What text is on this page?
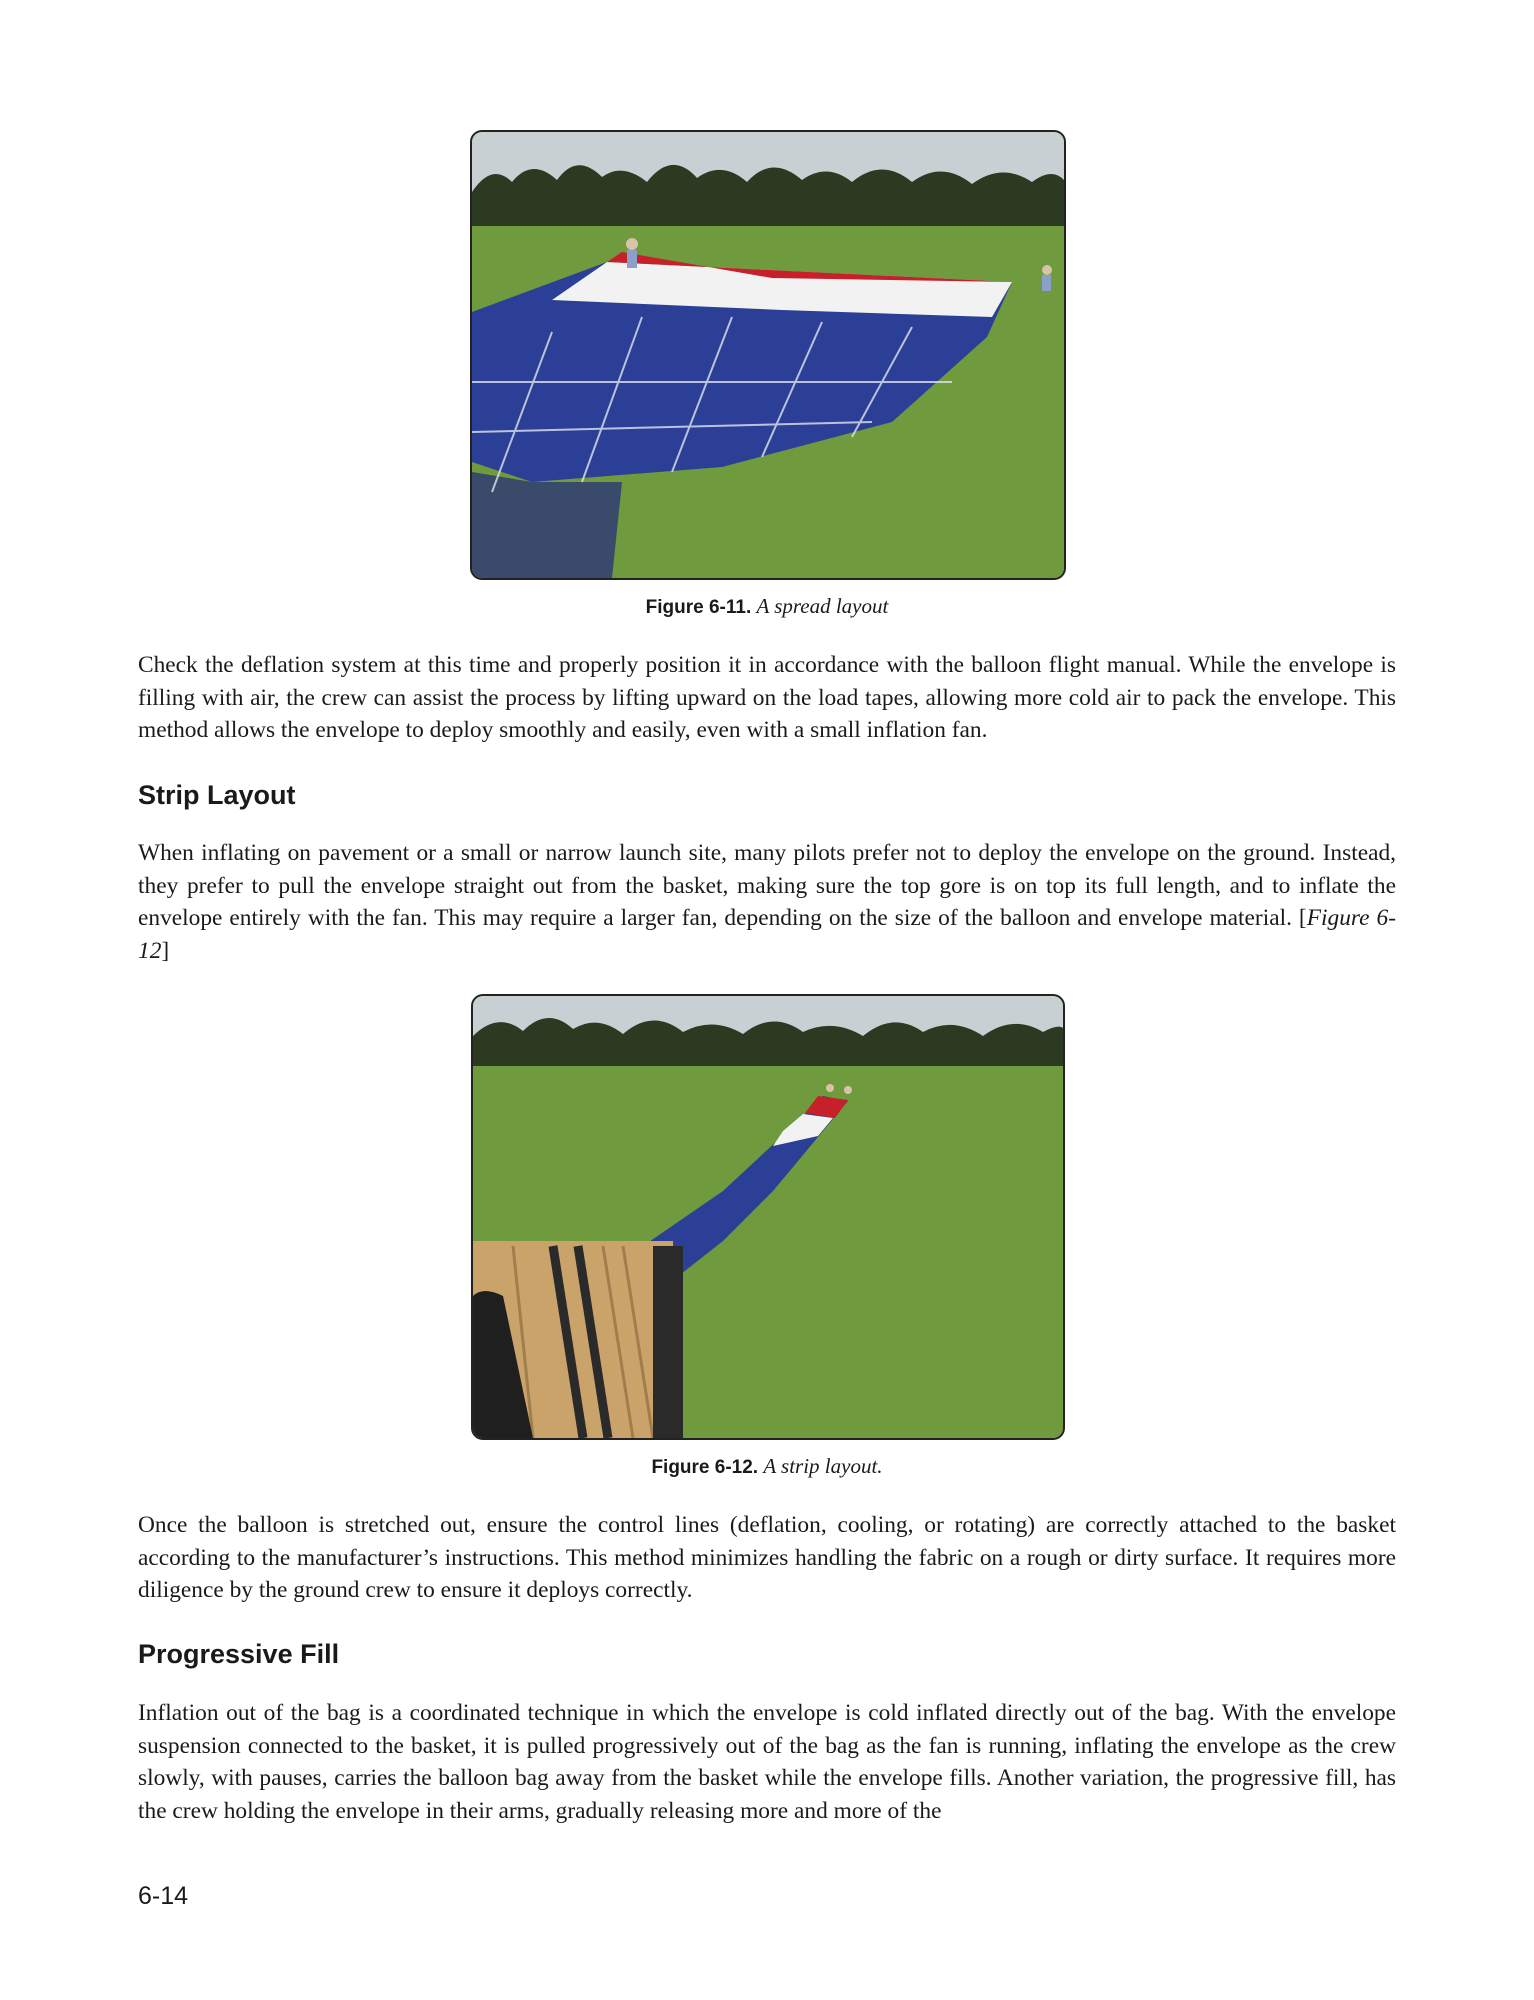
Figure 6-11. A spread layout

Check the deflation system at this time and properly position it in accordance with the balloon flight manual. While the envelope is filling with air, the crew can assist the process by lifting upward on the load tapes, allowing more cold air to pack the envelope. This method allows the envelope to deploy smoothly and easily, even with a small inflation fan.

Strip Layout

When inflating on pavement or a small or narrow launch site, many pilots prefer not to deploy the envelope on the ground. Instead, they prefer to pull the envelope straight out from the basket, making sure the top gore is on top its full length, and to inflate the envelope entirely with the fan. This may require a larger fan, depending on the size of the balloon and envelope material. [Figure 6-12]

Figure 6-12. A strip layout.

Once the balloon is stretched out, ensure the control lines (deflation, cooling, or rotating) are correctly attached to the basket according to the manufacturer’s instructions. This method minimizes handling the fabric on a rough or dirty surface. It requires more diligence by the ground crew to ensure it deploys correctly.

Progressive Fill

Inflation out of the bag is a coordinated technique in which the envelope is cold inflated directly out of the bag. With the envelope suspension connected to the basket, it is pulled progressively out of the bag as the fan is running, inflating the envelope as the crew slowly, with pauses, carries the balloon bag away from the basket while the envelope fills. Another variation, the progressive fill, has the crew holding the envelope in their arms, gradually releasing more and more of the

6-14
